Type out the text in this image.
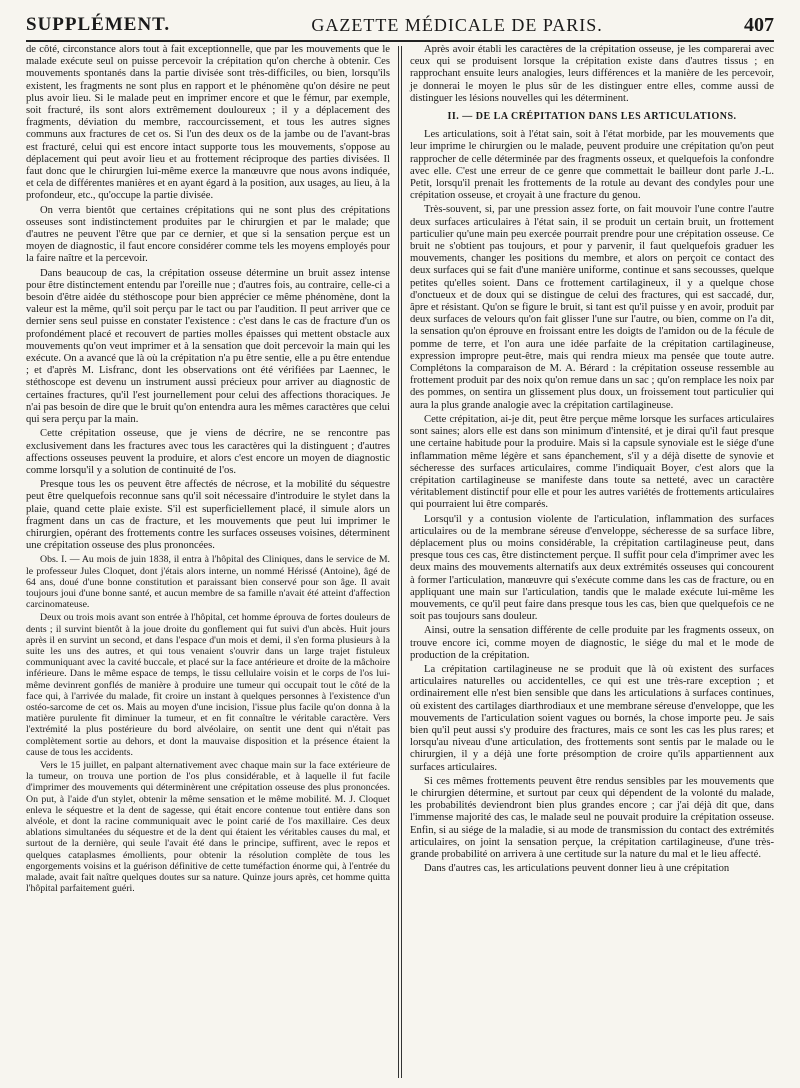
SUPPLÉMENT.	GAZETTE MÉDICALE DE PARIS.	407

de côté, circonstance alors tout à fait exceptionnelle, que par les mouvements que le malade exécute seul on puisse percevoir la crépitation qu'on cherche à obtenir. Ces mouvements spontanés dans la partie divisée sont très-difficiles, ou bien, lorsqu'ils existent, les fragments ne sont plus en rapport et le phénomène qu'on désire ne peut plus avoir lieu. Si le malade peut en imprimer encore et que le fémur, par exemple, soit fracturé, ils sont alors extrêmement douloureux ; il y a déplacement des fragments, déviation du membre, raccourcissement, et tous les autres signes communs aux fractures de cet os. Si l'un des deux os de la jambe ou de l'avant-bras est fracturé, celui qui est encore intact supporte tous les mouvements, s'oppose au déplacement qui peut avoir lieu et au frottement réciproque des parties divisées. Il faut donc que le chirurgien lui-même exerce la manœuvre que nous avons indiquée, et cela de différentes manières et en ayant égard à la position, aux usages, au lieu, à la profondeur, etc., qu'occupe la partie divisée.

On verra bientôt que certaines crépitations qui ne sont plus des crépitations osseuses sont indistinctement produites par le chirurgien et par le malade; que d'autres ne peuvent l'être que par ce dernier, et que si la sensation perçue est un moyen de diagnostic, il faut encore considérer comme tels les moyens employés pour la faire naître et la percevoir.

Dans beaucoup de cas, la crépitation osseuse détermine un bruit assez intense pour être distinctement entendu par l'oreille nue ; d'autres fois, au contraire, celle-ci a besoin d'être aidée du stéthoscope pour bien apprécier ce même phénomène, dont la valeur est la même, qu'il soit perçu par le tact ou par l'audition. Il peut arriver que ce dernier sens seul puisse en constater l'existence : c'est dans le cas de fracture d'un os profondément placé et recouvert de parties molles épaisses qui mettent obstacle aux mouvements qu'on veut imprimer et à la sensation que doit percevoir la main qui les exécute. On a avancé que là où la crépitation n'a pu être sentie, elle a pu être entendue ; et d'après M. Lisfranc, dont les observations ont été vérifiées par Laennec, le stéthoscope est devenu un instrument aussi précieux pour arriver au diagnostic de certaines fractures, qu'il l'est journellement pour celui des affections thoraciques. Je n'ai pas besoin de dire que le bruit qu'on entendra aura les mêmes caractères que celui qui sera perçu par la main.

Cette crépitation osseuse, que je viens de décrire, ne se rencontre pas exclusivement dans les fractures avec tous les caractères qui la distinguent ; d'autres affections osseuses peuvent la produire, et alors c'est encore un moyen de diagnostic comme lorsqu'il y a solution de continuité de l'os.

Presque tous les os peuvent être affectés de nécrose, et la mobilité du séquestre peut être quelquefois reconnue sans qu'il soit nécessaire d'introduire le stylet dans la plaie, quand cette plaie existe. S'il est superficiellement placé, il simule alors un fragment dans un cas de fracture, et les mouvements que peut lui imprimer le chirurgien, opérant des frottements contre les surfaces osseuses voisines, déterminent une crépitation osseuse des plus prononcées.

Obs. I. — Au mois de juin 1838, il entra à l'hôpital des Cliniques, dans le service de M. le professeur Jules Cloquet, dont j'étais alors interne, un nommé Hérissé (Antoine), âgé de 64 ans, doué d'une bonne constitution et paraissant bien conservé pour son âge. Il avait toujours joui d'une bonne santé, et aucun membre de sa famille n'avait été atteint d'affection carcinomateuse.

Deux ou trois mois avant son entrée à l'hôpital, cet homme éprouva de fortes douleurs de dents ; il survint bientôt à la joue droite du gonflement qui fut suivi d'un abcès. Huit jours après il en survint un second, et dans l'espace d'un mois et demi, il s'en forma plusieurs à la suite les uns des autres, et qui tous venaient s'ouvrir dans un large trajet fistuleux communiquant avec la cavité buccale, et placé sur la face antérieure et droite de la mâchoire inférieure. Dans le même espace de temps, le tissu cellulaire voisin et le corps de l'os lui-même devinrent gonflés de manière à produire une tumeur qui occupait tout le côté de la face qui, à l'arrivée du malade, fit croire un instant à quelques personnes à l'existence d'un ostéo-sarcome de cet os. Mais au moyen d'une incision, l'issue plus facile qu'on donna à la matière purulente fit diminuer la tumeur, et en fit connaître le véritable caractère. Vers l'extrémité la plus postérieure du bord alvéolaire, on sentit une dent qui n'était pas complètement sortie au dehors, et dont la mauvaise disposition et la présence étaient la cause de tous les accidents.

Vers le 15 juillet, en palpant alternativement avec chaque main sur la face extérieure de la tumeur, on trouva une portion de l'os plus considérable, et à laquelle il fut facile d'imprimer des mouvements qui déterminèrent une crépitation osseuse des plus prononcées. On put, à l'aide d'un stylet, obtenir la même sensation et le même mobilité. M. J. Cloquet enleva le séquestre et la dent de sagesse, qui était encore contenue tout entière dans son alvéole, et dont la racine communiquait avec le point carié de l'os maxillaire. Ces deux ablations simultanées du séquestre et de la dent qui étaient les véritables causes du mal, et surtout de la dernière, qui seule l'avait été dans le principe, suffirent, avec le repos et quelques cataplasmes émollients, pour obtenir la résolution complète de tous les engorgements voisins et la guérison définitive de cette tuméfaction énorme qui, à l'entrée du malade, avait fait naître quelques doutes sur sa nature. Quinze jours après, cet homme quitta l'hôpital parfaitement guéri.

Après avoir établi les caractères de la crépitation osseuse, je les comparerai avec ceux qui se produisent lorsque la crépitation existe dans d'autres tissus ; en rapprochant ensuite leurs analogies, leurs différences et la manière de les percevoir, je donnerai le moyen le plus sûr de les distinguer entre elles, comme aussi de distinguer les lésions nouvelles qui les déterminent.

II. — DE LA CRÉPITATION DANS LES ARTICULATIONS.

Les articulations, soit à l'état sain, soit à l'état morbide, par les mouvements que leur imprime le chirurgien ou le malade, peuvent produire une crépitation qu'on peut rapprocher de celle déterminée par des fragments osseux, et quelquefois la confondre avec elle. C'est une erreur de ce genre que commettait le bailleur dont parle J.-L. Petit, lorsqu'il prenait les frottements de la rotule au devant des condyles pour une crépitation osseuse, et croyait à une fracture du genou.

Très-souvent, si, par une pression assez forte, on fait mouvoir l'une contre l'autre deux surfaces articulaires à l'état sain, il se produit un certain bruit, un frottement particulier qu'une main peu exercée pourrait prendre pour une crépitation osseuse. Ce bruit ne s'obtient pas toujours, et pour y parvenir, il faut quelquefois graduer les mouvements, changer les positions du membre, et alors on perçoit ce contact des deux surfaces qui se fait d'une manière uniforme, continue et sans secousses, quelque petites qu'elles soient. Dans ce frottement cartilagineux, il y a quelque chose d'onctueux et de doux qui se distingue de celui des fractures, qui est saccadé, dur, âpre et résistant. Qu'on se figure le bruit, si tant est qu'il puisse y en avoir, produit par deux surfaces de velours qu'on fait glisser l'une sur l'autre, ou bien, comme on l'a dit, la sensation qu'on éprouve en froissant entre les doigts de l'amidon ou de la fécule de pomme de terre, et l'on aura une idée parfaite de la crépitation cartilagineuse, expression impropre peut-être, mais qui rendra mieux ma pensée que toute autre. Complétons la comparaison de M. A. Bérard : la crépitation osseuse ressemble au frottement produit par des noix qu'on remue dans un sac ; qu'on remplace les noix par des pommes, on sentira un glissement plus doux, un froissement tout particulier qui aura la plus grande analogie avec la crépitation cartilagineuse.

Cette crépitation, ai-je dit, peut être perçue même lorsque les surfaces articulaires sont saines; alors elle est dans son minimum d'intensité, et je dirai qu'il faut presque une certaine habitude pour la produire. Mais si la capsule synoviale est le siége d'une inflammation même légère et sans épanchement, s'il y a déjà disette de synovie et sécheresse des surfaces articulaires, comme l'indiquait Boyer, c'est alors que la crépitation cartilagineuse se manifeste dans toute sa netteté, avec un caractère véritablement distinctif pour elle et pour les autres variétés de frottements articulaires qui pourraient lui être comparés.

Lorsqu'il y a contusion violente de l'articulation, inflammation des surfaces articulaires ou de la membrane séreuse d'enveloppe, sécheresse de sa surface libre, déplacement plus ou moins considérable, la crépitation cartilagineuse peut, dans presque tous ces cas, être distinctement perçue. Il suffit pour cela d'imprimer avec les deux mains des mouvements alternatifs aux deux extrémités osseuses qui concourent à former l'articulation, manœuvre qui s'exécute comme dans les cas de fracture, ou en appliquant une main sur l'articulation, tandis que le malade exécute lui-même les mouvements, ce qu'il peut faire dans presque tous les cas, bien que quelquefois ce ne soit pas toujours sans douleur.

Ainsi, outre la sensation différente de celle produite par les fragments osseux, on trouve encore ici, comme moyen de diagnostic, le siége du mal et le mode de production de la crépitation.

La crépitation cartilagineuse ne se produit que là où existent des surfaces articulaires naturelles ou accidentelles, ce qui est une très-rare exception ; et ordinairement elle n'est bien sensible que dans les articulations à surfaces continues, où existent des cartilages diarthrodiaux et une membrane séreuse d'enveloppe, que les mouvements de l'articulation soient vagues ou bornés, la chose importe peu. Je sais bien qu'il peut aussi s'y produire des fractures, mais ce sont les cas les plus rares; et lorsqu'au niveau d'une articulation, des frottements sont sentis par le malade ou le chirurgien, il y a déjà une forte présomption de croire qu'ils appartiennent aux surfaces articulaires.

Si ces mêmes frottements peuvent être rendus sensibles par les mouvements que le chirurgien détermine, et surtout par ceux qui dépendent de la volonté du malade, les probabilités deviendront bien plus grandes encore ; car j'ai déjà dit que, dans l'immense majorité des cas, le malade seul ne pouvait produire la crépitation osseuse. Enfin, si au siége de la maladie, si au mode de transmission du contact des extrémités articulaires, on joint la sensation perçue, la crépitation cartilagineuse, d'une très-grande probabilité on arrivera à une certitude sur la nature du mal et le lieu affecté.

Dans d'autres cas, les articulations peuvent donner lieu à une crépitation
